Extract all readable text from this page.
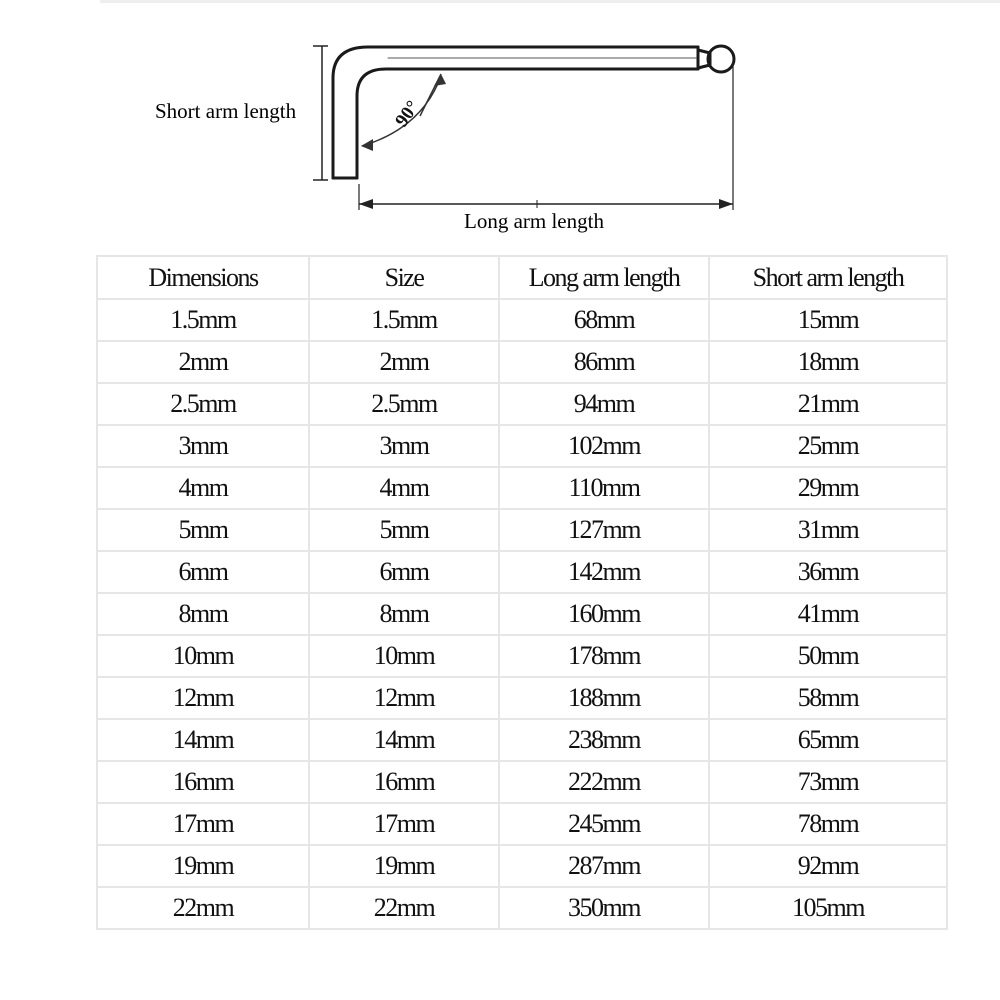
90°
Short arm length
Long arm length
Dimensions	Size	Long arm length	Short arm length
1.5mm	1.5mm	68mm	15mm
2mm	2mm	86mm	18mm
2.5mm	2.5mm	94mm	21mm
3mm	3mm	102mm	25mm
4mm	4mm	110mm	29mm
5mm	5mm	127mm	31mm
6mm	6mm	142mm	36mm
8mm	8mm	160mm	41mm
10mm	10mm	178mm	50mm
12mm	12mm	188mm	58mm
14mm	14mm	238mm	65mm
16mm	16mm	222mm	73mm
17mm	17mm	245mm	78mm
19mm	19mm	287mm	92mm
22mm	22mm	350mm	105mm
